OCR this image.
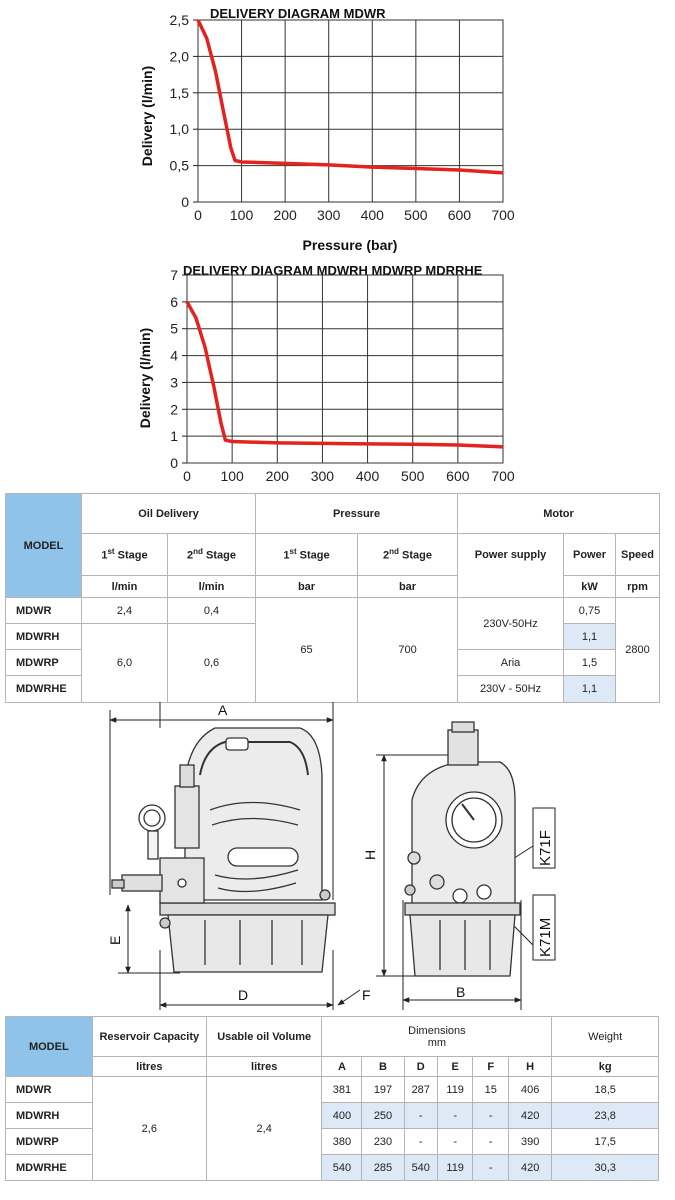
DELIVERY DIAGRAM MDWR
0
0,5
1,0
1,5
2,0
2,5
0 100 200 300 400 500 600 700
Delivery (l/min)
Pressure (bar)
DELIVERY DIAGRAM MDWRH MDWRP MDRRHE
0
1
2
3
4
5
6
7
0 100 200 300 400 500 600 700
Delivery (l/min)
MODEL	Oil Delivery		Pressure		Motor		
	1st Stage	2nd Stage	1st Stage	2nd Stage	Power supply	Power	Speed
	l/min	l/min	bar	bar		kW	rpm
MDWR	2,4	0,4	65	700	230V-50Hz	0,75	2800
MDWRH	6,0	0,6				1,1	
MDWRP					Aria	1,5	
MDWRHE					230V - 50Hz	1,1	
A
D	F
E
H
B
K71F
K71M
MODEL	Reservoir Capacity	Usable oil Volume	Dimensions
mm						Weight
	litres	litres	A	B	D	E	F	H	kg
MDWR	2,6	2,4	381	197	287	119	15	406	18,5
MDWRH			400	250	-	-	-	420	23,8
MDWRP			380	230	-	-	-	390	17,5
MDWRHE			540	285	540	119	-	420	30,3
